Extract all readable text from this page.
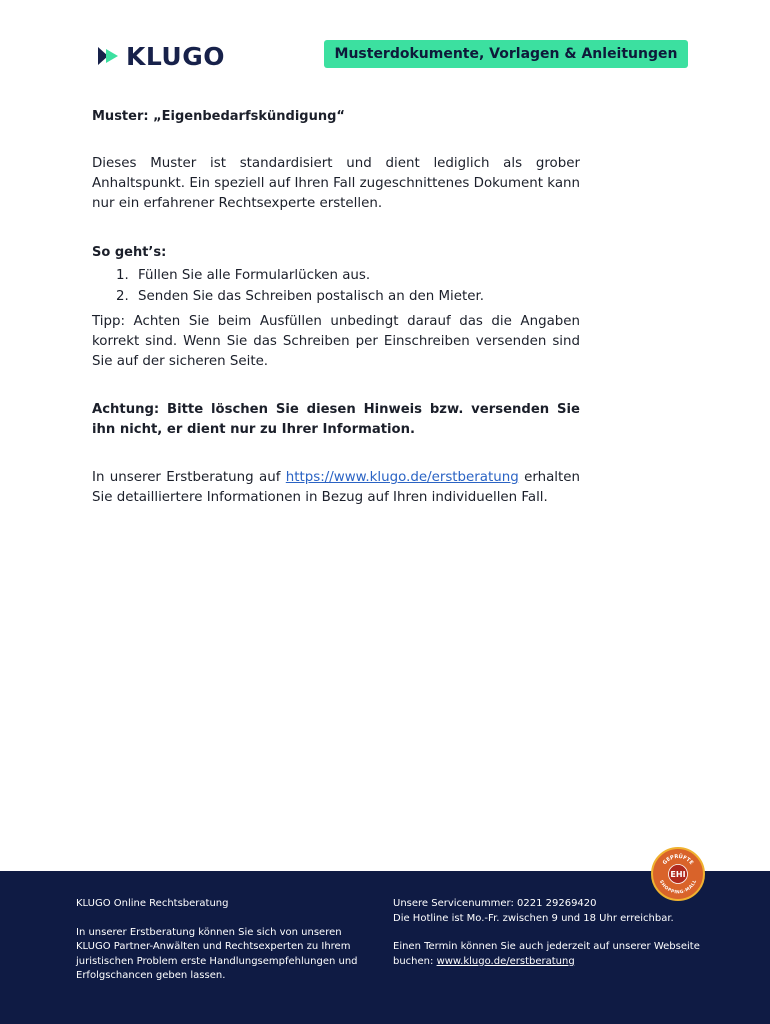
KLUGO	Musterdokumente, Vorlagen & Anleitungen
Muster: „Eigenbedarfskündigung“
Dieses Muster ist standardisiert und dient lediglich als grober Anhaltspunkt. Ein speziell auf Ihren Fall zugeschnittenes Dokument kann nur ein erfahrener Rechtsexperte erstellen.
So geht’s:
1. Füllen Sie alle Formularlücken aus.
2. Senden Sie das Schreiben postalisch an den Mieter.
Tipp: Achten Sie beim Ausfüllen unbedingt darauf das die Angaben korrekt sind. Wenn Sie das Schreiben per Einschreiben versenden sind Sie auf der sicheren Seite.
Achtung: Bitte löschen Sie diesen Hinweis bzw. versenden Sie ihn nicht, er dient nur zu Ihrer Information.
In unserer Erstberatung auf https://www.klugo.de/erstberatung erhalten Sie detailliertere Informationen in Bezug auf Ihren individuellen Fall.

KLUGO Online Rechtsberatung

In unserer Erstberatung können Sie sich von unseren KLUGO Partner-Anwälten und Rechtsexperten zu Ihrem juristischen Problem erste Handlungsempfehlungen und Erfolgschancen geben lassen.

Unsere Servicenummer: 0221 29269420
Die Hotline ist Mo.-Fr. zwischen 9 und 18 Uhr erreichbar.

Einen Termin können Sie auch jederzeit auf unserer Webseite buchen: www.klugo.de/erstberatung

GEPRÜFTE
EHI
SHOPPING-MALL
